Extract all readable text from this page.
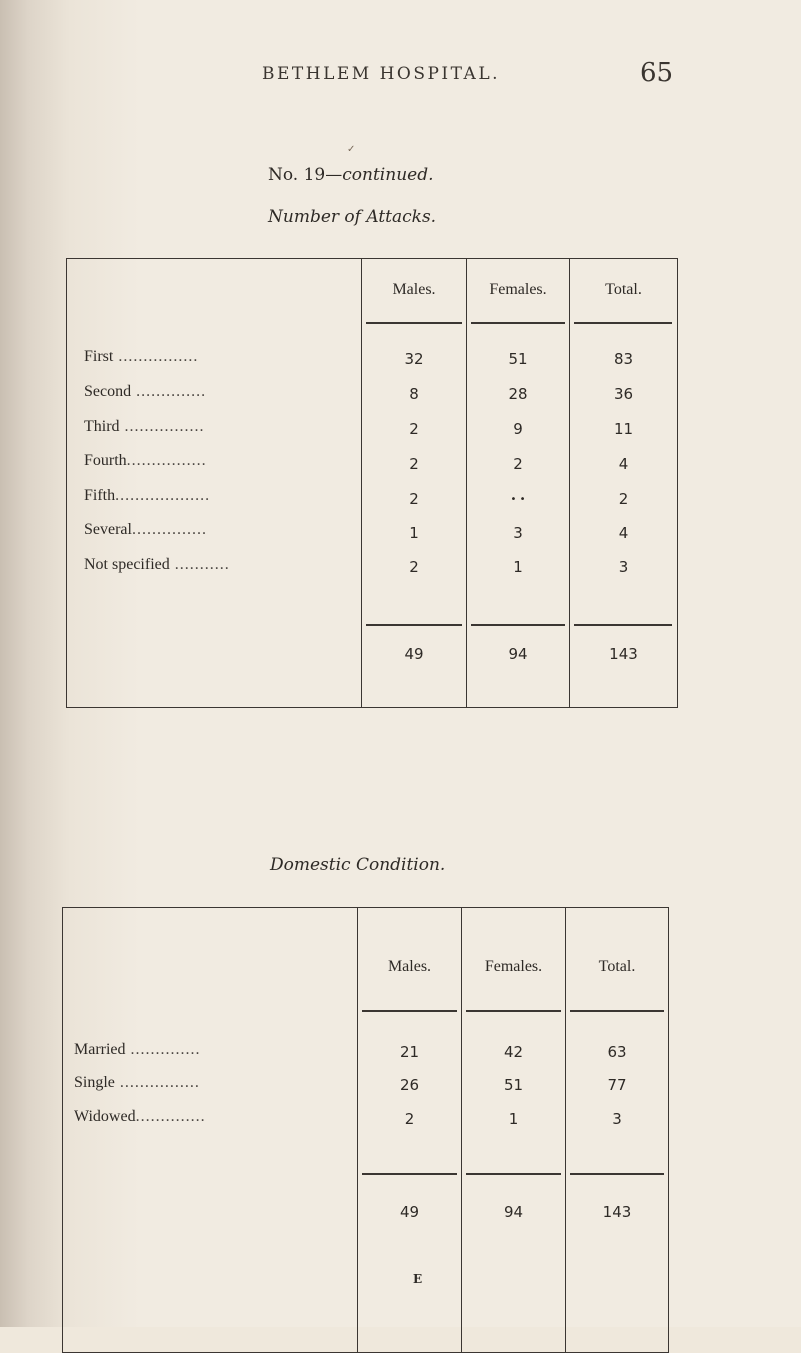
BETHLEM HOSPITAL.	65
✓
No. 19—continued.
Number of Attacks.
Males.	Females.	Total.
First ................	32	51	83
Second ..............	8	28	36
Third ................	2	9	11
Fourth................	2	2	4
Fifth...................	2	• •	2
Several...............	1	3	4
Not specified ...........	2	1	3
49	94	143
Domestic Condition.
Males.	Females.	Total.
Married ..............	21	42	63
Single ................	26	51	77
Widowed..............	2	1	3
49	94	143
E
